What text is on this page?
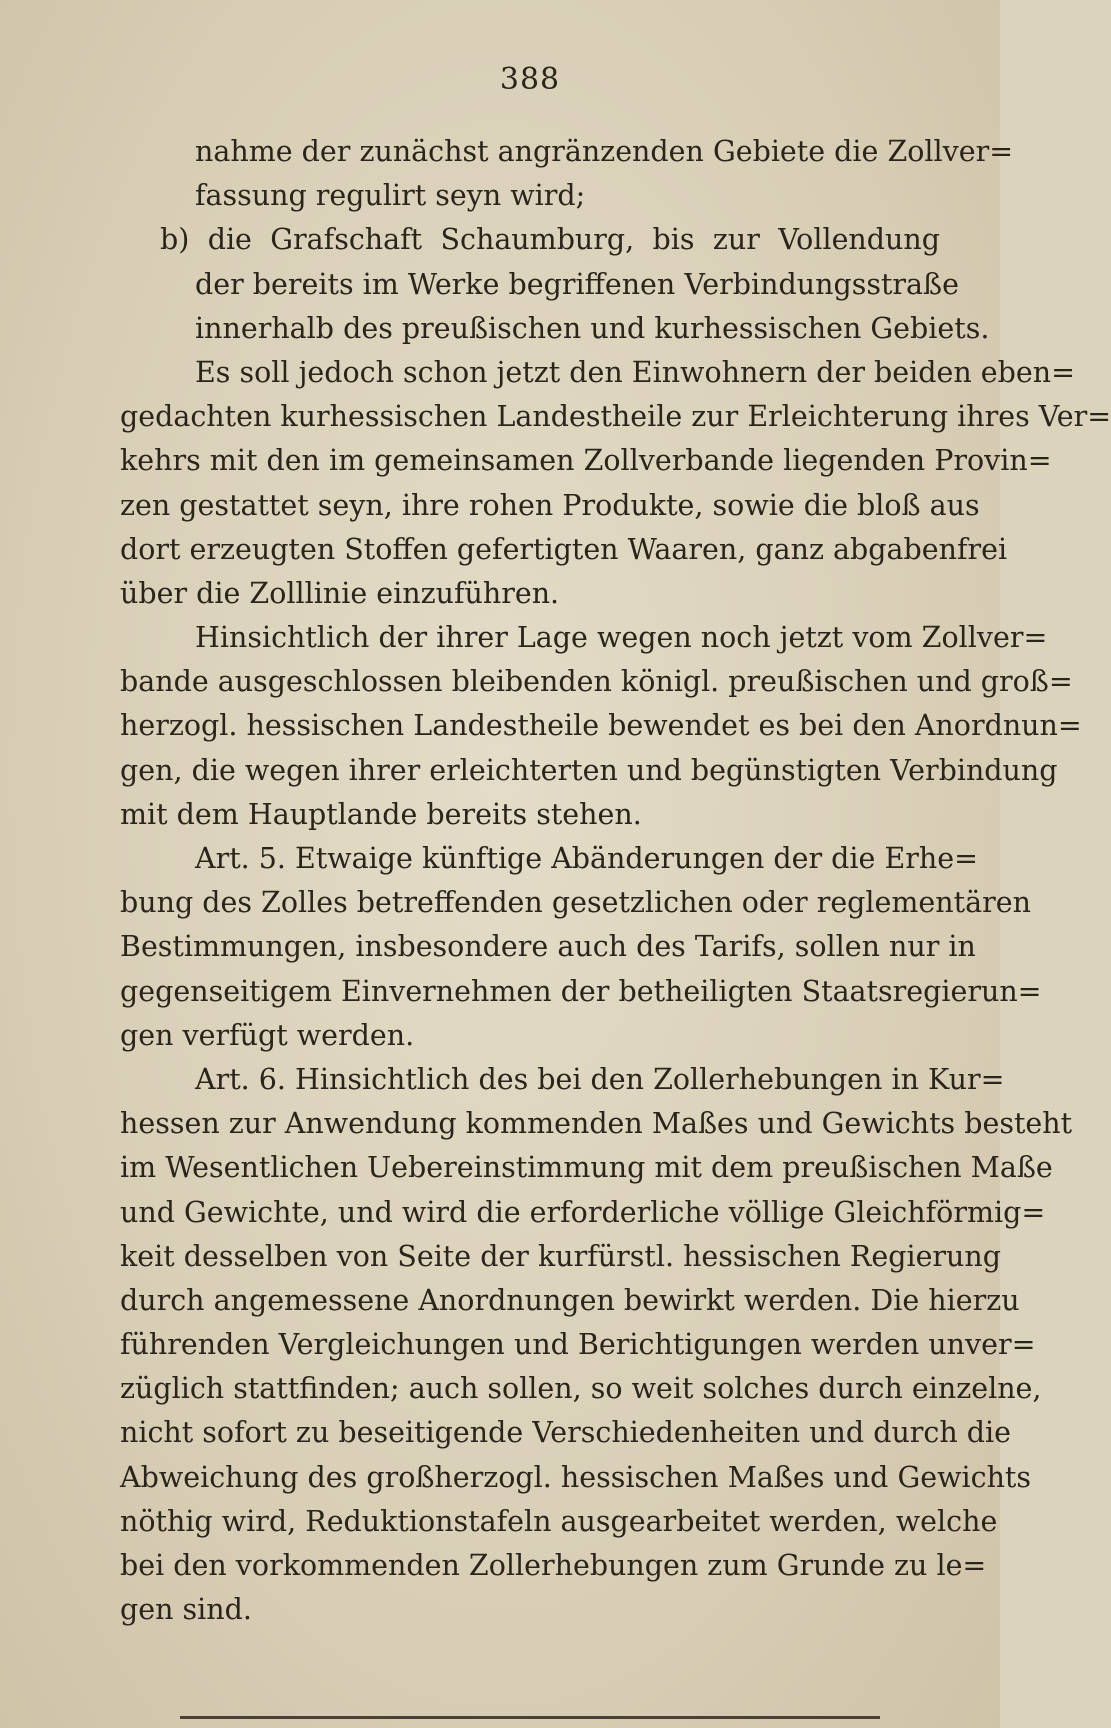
388
nahme der zunächst angränzenden Gebiete die Zollver=
fassung regulirt seyn wird;
b) die Grafschaft Schaumburg, bis zur Vollendung
der bereits im Werke begriffenen Verbindungsstraße
innerhalb des preußischen und kurhessischen Gebiets.
Es soll jedoch schon jetzt den Einwohnern der beiden eben=
gedachten kurhessischen Landestheile zur Erleichterung ihres Ver=
kehrs mit den im gemeinsamen Zollverbande liegenden Provin=
zen gestattet seyn, ihre rohen Produkte, sowie die bloß aus
dort erzeugten Stoffen gefertigten Waaren, ganz abgabenfrei
über die Zolllinie einzuführen.
Hinsichtlich der ihrer Lage wegen noch jetzt vom Zollver=
bande ausgeschlossen bleibenden königl. preußischen und groß=
herzogl. hessischen Landestheile bewendet es bei den Anordnun=
gen, die wegen ihrer erleichterten und begünstigten Verbindung
mit dem Hauptlande bereits stehen.
Art. 5. Etwaige künftige Abänderungen der die Erhe=
bung des Zolles betreffenden gesetzlichen oder reglementären
Bestimmungen, insbesondere auch des Tarifs, sollen nur in
gegenseitigem Einvernehmen der betheiligten Staatsregierun=
gen verfügt werden.
Art. 6. Hinsichtlich des bei den Zollerhebungen in Kur=
hessen zur Anwendung kommenden Maßes und Gewichts besteht
im Wesentlichen Uebereinstimmung mit dem preußischen Maße
und Gewichte, und wird die erforderliche völlige Gleichförmig=
keit desselben von Seite der kurfürstl. hessischen Regierung
durch angemessene Anordnungen bewirkt werden. Die hierzu
führenden Vergleichungen und Berichtigungen werden unver=
züglich stattfinden; auch sollen, so weit solches durch einzelne,
nicht sofort zu beseitigende Verschiedenheiten und durch die
Abweichung des großherzogl. hessischen Maßes und Gewichts
nöthig wird, Reduktionstafeln ausgearbeitet werden, welche
bei den vorkommenden Zollerhebungen zum Grunde zu le=
gen sind.
